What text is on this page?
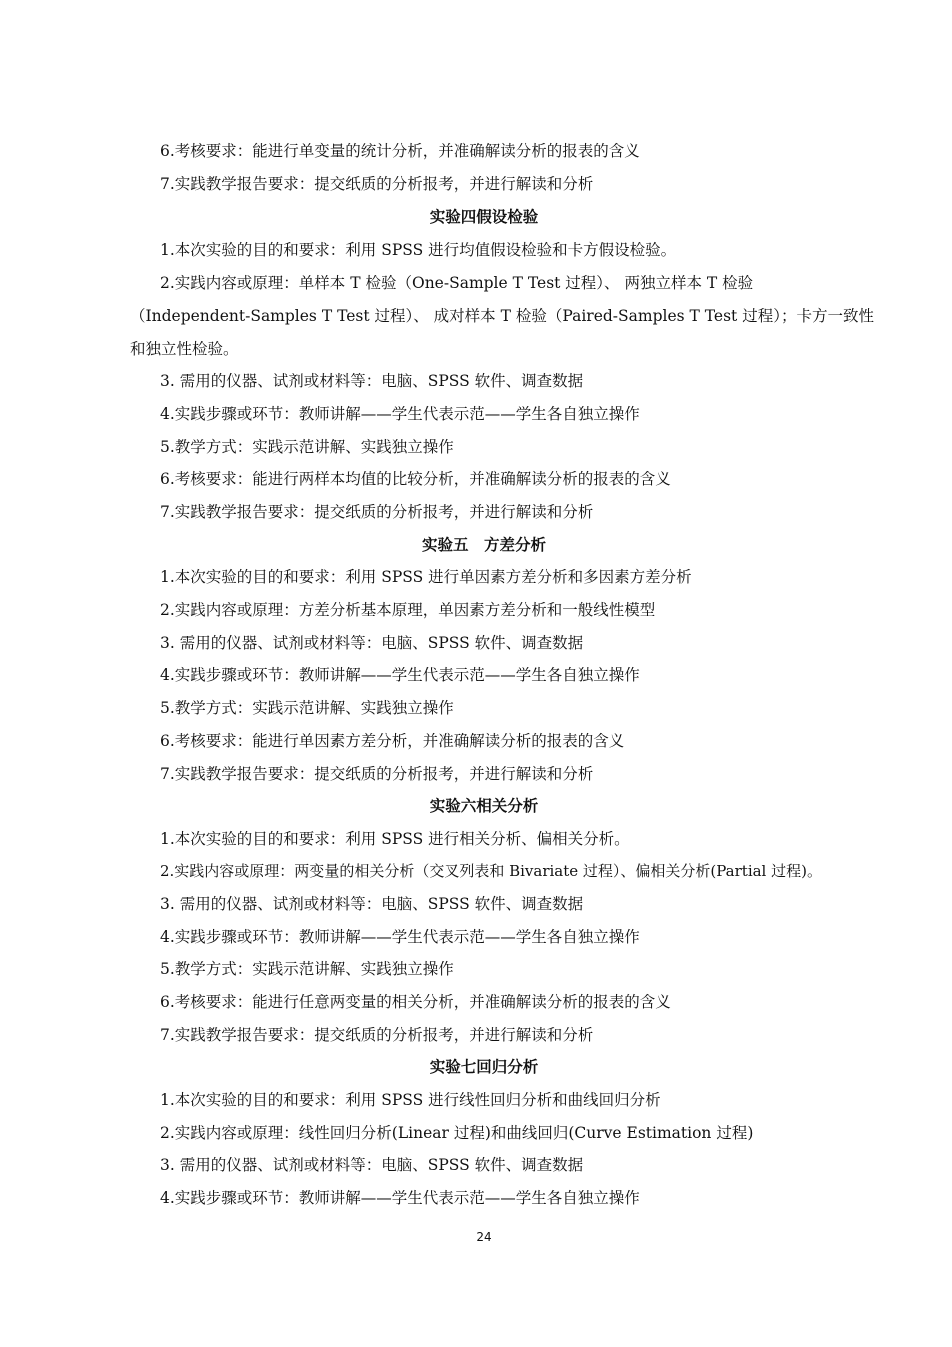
6.考核要求：能进行单变量的统计分析，并准确解读分析的报表的含义
7.实践教学报告要求：提交纸质的分析报考，并进行解读和分析
实验四假设检验
1.本次实验的目的和要求：利用 SPSS 进行均值假设检验和卡方假设检验。
2.实践内容或原理：单样本 T 检验（One-Sample T Test 过程）、 两独立样本 T 检验
（Independent-Samples T Test 过程）、 成对样本 T 检验（Paired-Samples T Test 过程）；卡方一致性
和独立性检验。
3. 需用的仪器、试剂或材料等：电脑、SPSS 软件、调查数据
4.实践步骤或环节：教师讲解——学生代表示范——学生各自独立操作
5.教学方式：实践示范讲解、实践独立操作
6.考核要求：能进行两样本均值的比较分析，并准确解读分析的报表的含义
7.实践教学报告要求：提交纸质的分析报考，并进行解读和分析
实验五　方差分析
1.本次实验的目的和要求：利用 SPSS 进行单因素方差分析和多因素方差分析
2.实践内容或原理：方差分析基本原理，单因素方差分析和一般线性模型
3. 需用的仪器、试剂或材料等：电脑、SPSS 软件、调查数据
4.实践步骤或环节：教师讲解——学生代表示范——学生各自独立操作
5.教学方式：实践示范讲解、实践独立操作
6.考核要求：能进行单因素方差分析，并准确解读分析的报表的含义
7.实践教学报告要求：提交纸质的分析报考，并进行解读和分析
实验六相关分析
1.本次实验的目的和要求：利用 SPSS 进行相关分析、偏相关分析。
2.实践内容或原理：两变量的相关分析（交叉列表和 Bivariate 过程）、偏相关分析(Partial 过程)。
3. 需用的仪器、试剂或材料等：电脑、SPSS 软件、调查数据
4.实践步骤或环节：教师讲解——学生代表示范——学生各自独立操作
5.教学方式：实践示范讲解、实践独立操作
6.考核要求：能进行任意两变量的相关分析，并准确解读分析的报表的含义
7.实践教学报告要求：提交纸质的分析报考，并进行解读和分析
实验七回归分析
1.本次实验的目的和要求：利用 SPSS 进行线性回归分析和曲线回归分析
2.实践内容或原理：线性回归分析(Linear 过程)和曲线回归(Curve Estimation 过程)
3. 需用的仪器、试剂或材料等：电脑、SPSS 软件、调查数据
4.实践步骤或环节：教师讲解——学生代表示范——学生各自独立操作
24
